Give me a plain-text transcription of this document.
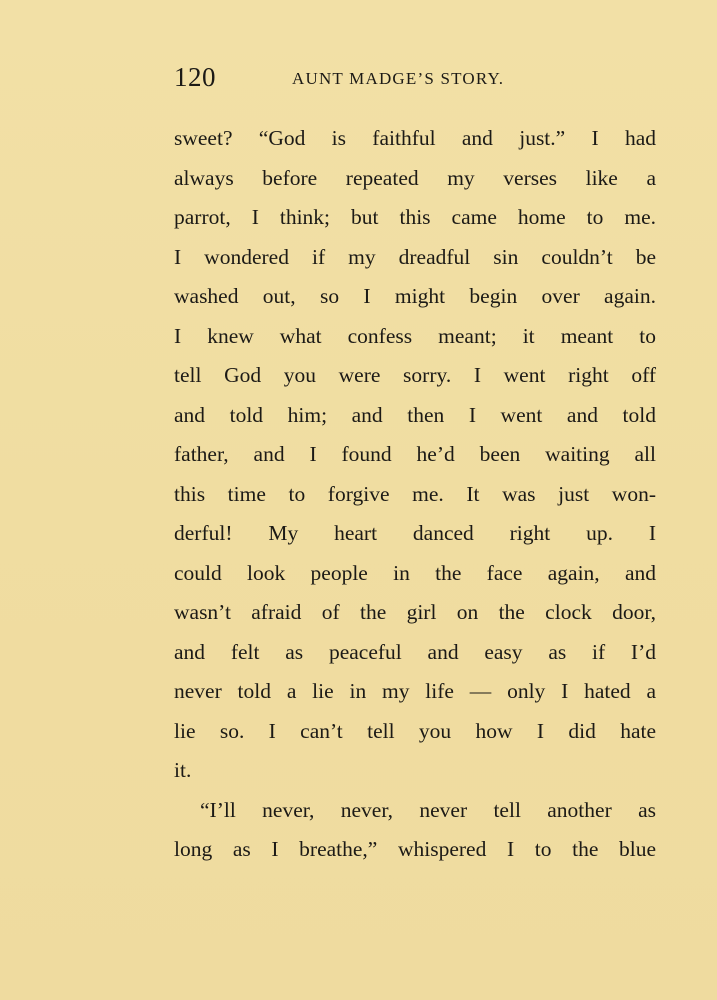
120	AUNT MADGE’S STORY.
sweet? “God is faithful and just.” I had
always before repeated my verses like a
parrot, I think; but this came home to me.
I wondered if my dreadful sin couldn’t be
washed out, so I might begin over again.
I knew what confess meant; it meant to
tell God you were sorry. I went right off
and told him; and then I went and told
father, and I found he’d been waiting all
this time to forgive me. It was just won-
derful! My heart danced right up. I
could look people in the face again, and
wasn’t afraid of the girl on the clock door,
and felt as peaceful and easy as if I’d
never told a lie in my life — only I hated a
lie so. I can’t tell you how I did hate
it.
“I’ll never, never, never tell another as
long as I breathe,” whispered I to the blue
